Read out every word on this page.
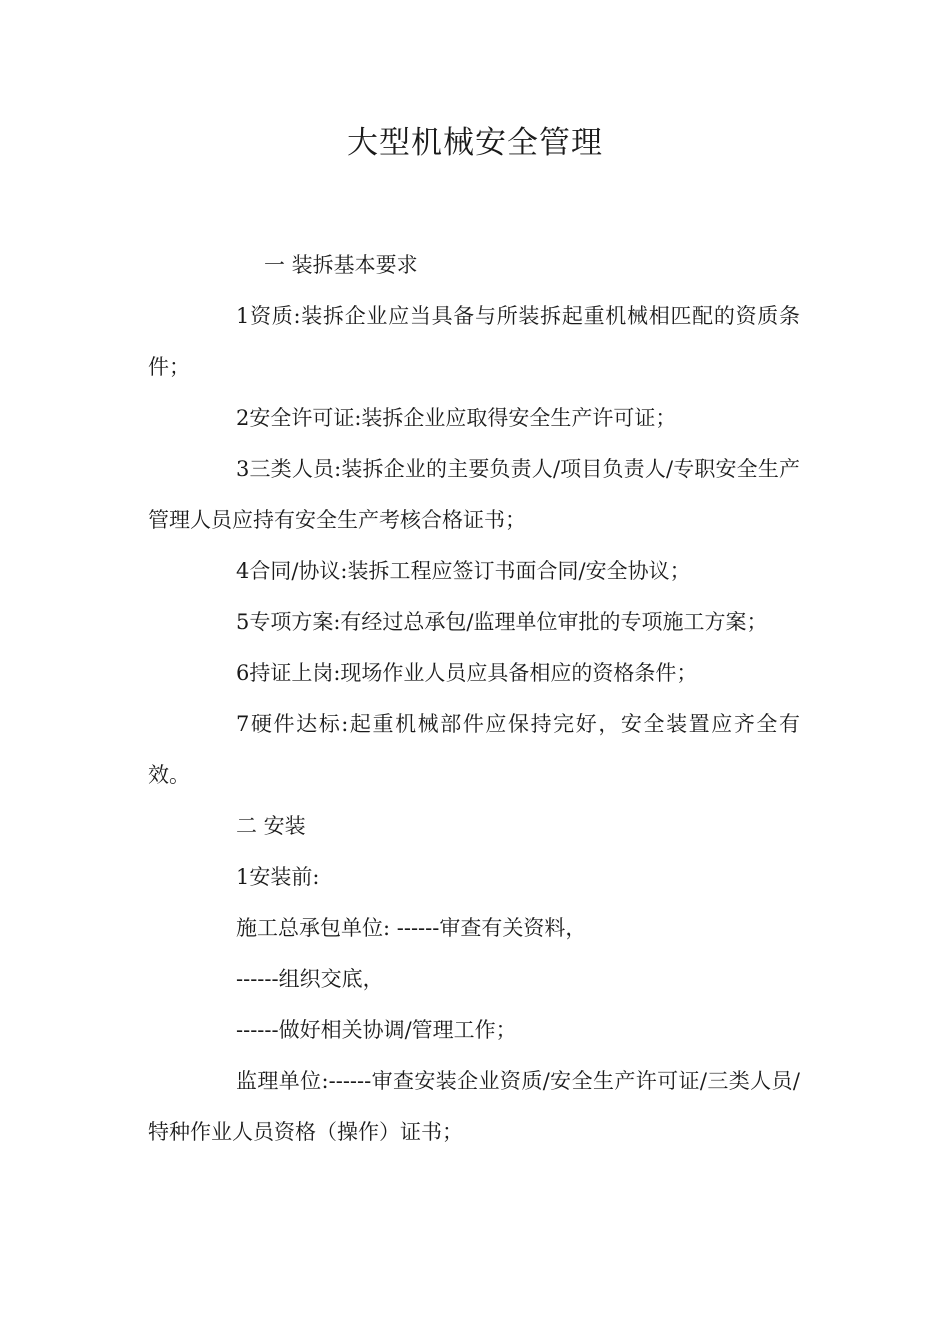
大型机械安全管理

一 装拆基本要求

1资质:装拆企业应当具备与所装拆起重机械相匹配的资质条件；

2安全许可证:装拆企业应取得安全生产许可证；

3三类人员:装拆企业的主要负责人/项目负责人/专职安全生产管理人员应持有安全生产考核合格证书；

4合同/协议:装拆工程应签订书面合同/安全协议；

5专项方案:有经过总承包/监理单位审批的专项施工方案；

6持证上岗:现场作业人员应具备相应的资格条件；

7硬件达标:起重机械部件应保持完好，安全装置应齐全有效。

二 安装

1安装前:

施工总承包单位: ------审查有关资料，

------组织交底，

------做好相关协调/管理工作；

监理单位:------审查安装企业资质/安全生产许可证/三类人员/特种作业人员资格（操作）证书；
